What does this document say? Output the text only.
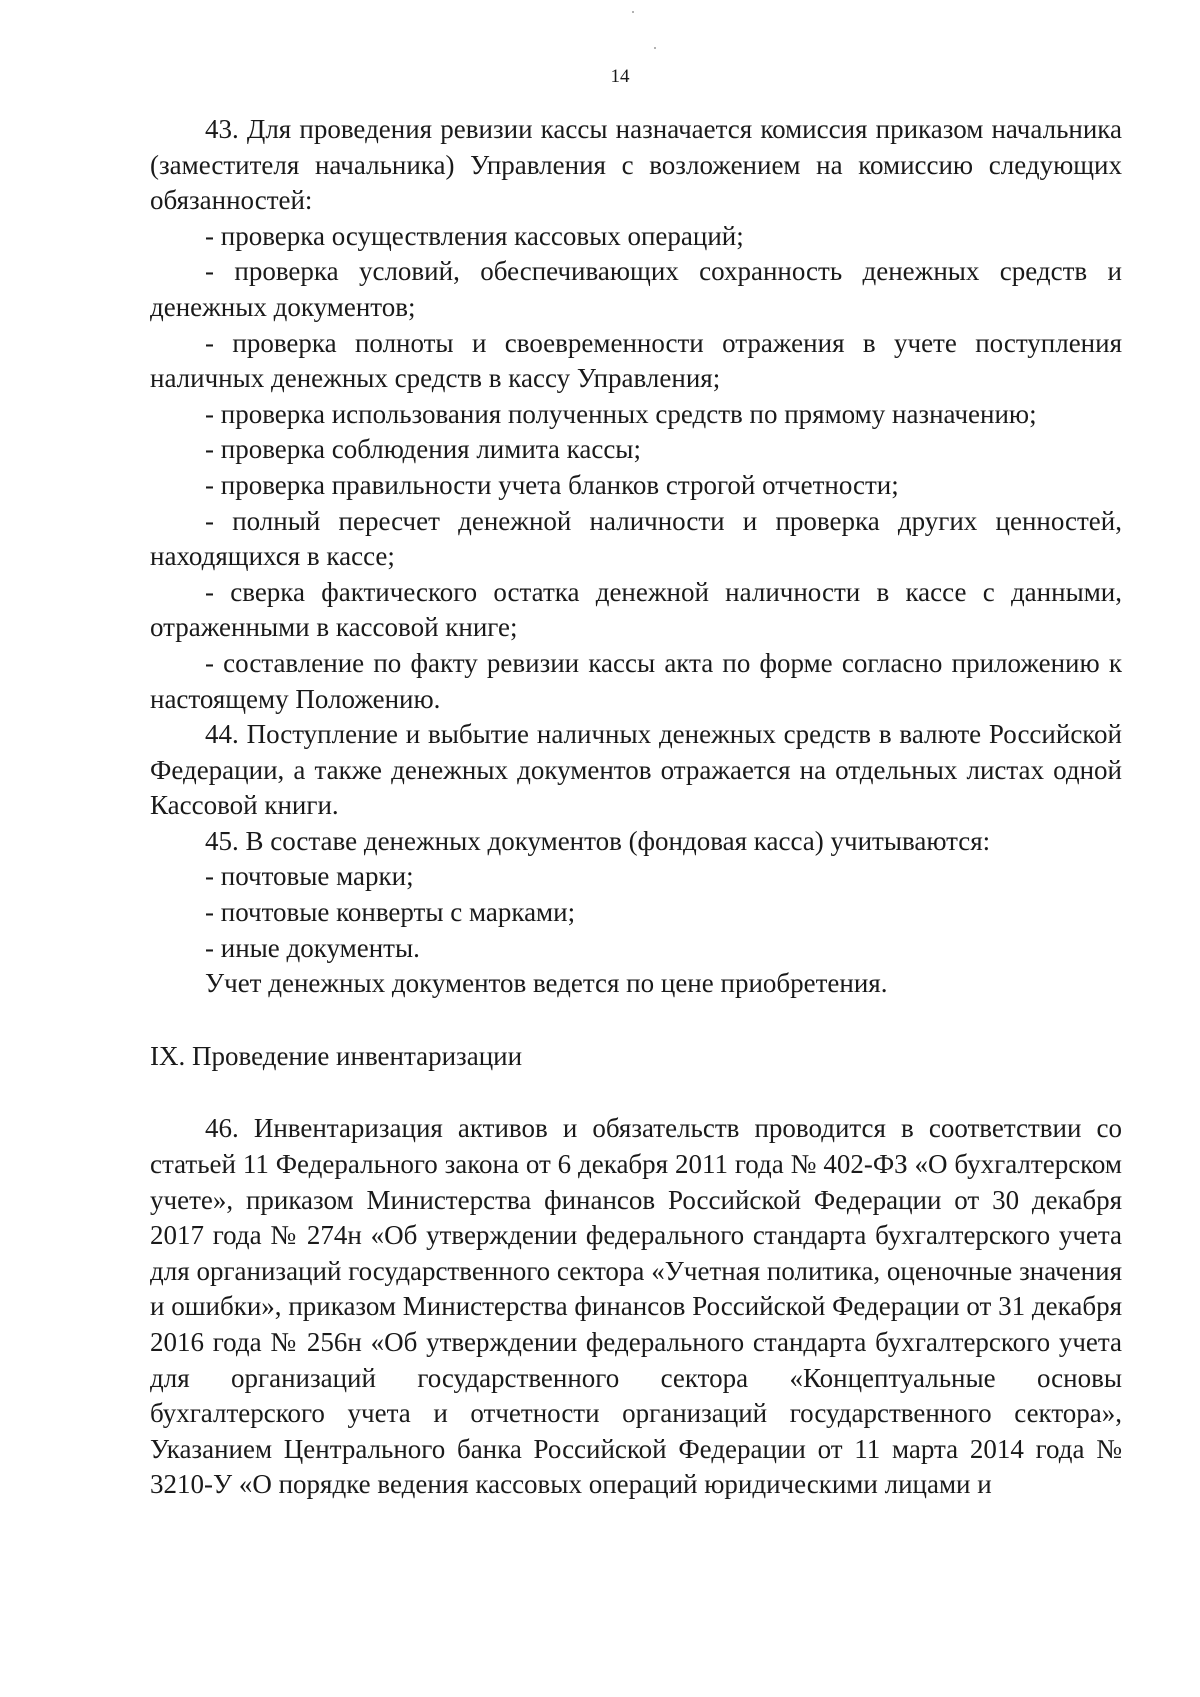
14

43. Для проведения ревизии кассы назначается комиссия приказом начальника (заместителя начальника) Управления с возложением на комиссию следующих обязанностей:

- проверка осуществления кассовых операций;

- проверка условий, обеспечивающих сохранность денежных средств и денежных документов;

- проверка полноты и своевременности отражения в учете поступления наличных денежных средств в кассу Управления;

- проверка использования полученных средств по прямому назначению;

- проверка соблюдения лимита кассы;

- проверка правильности учета бланков строгой отчетности;

- полный пересчет денежной наличности и проверка других ценностей, находящихся в кассе;

- сверка фактического остатка денежной наличности в кассе с данными, отраженными в кассовой книге;

- составление по факту ревизии кассы акта по форме согласно приложению к настоящему Положению.

44. Поступление и выбытие наличных денежных средств в валюте Российской Федерации, а также денежных документов отражается на отдельных листах одной Кассовой книги.

45. В составе денежных документов (фондовая касса) учитываются:

- почтовые марки;

- почтовые конверты с марками;

- иные документы.

Учет денежных документов ведется по цене приобретения.

IX. Проведение инвентаризации

46. Инвентаризация активов и обязательств проводится в соответствии со статьей 11 Федерального закона от 6 декабря 2011 года № 402-ФЗ «О бухгалтерском учете», приказом Министерства финансов Российской Федерации от 30 декабря 2017 года № 274н «Об утверждении федерального стандарта бухгалтерского учета для организаций государственного сектора «Учетная политика, оценочные значения и ошибки», приказом Министерства финансов Российской Федерации от 31 декабря 2016 года № 256н «Об утверждении федерального стандарта бухгалтерского учета для организаций государственного сектора «Концептуальные основы бухгалтерского учета и отчетности организаций государственного сектора», Указанием Центрального банка Российской Федерации от 11 марта 2014 года № 3210-У «О порядке ведения кассовых операций юридическими лицами и
